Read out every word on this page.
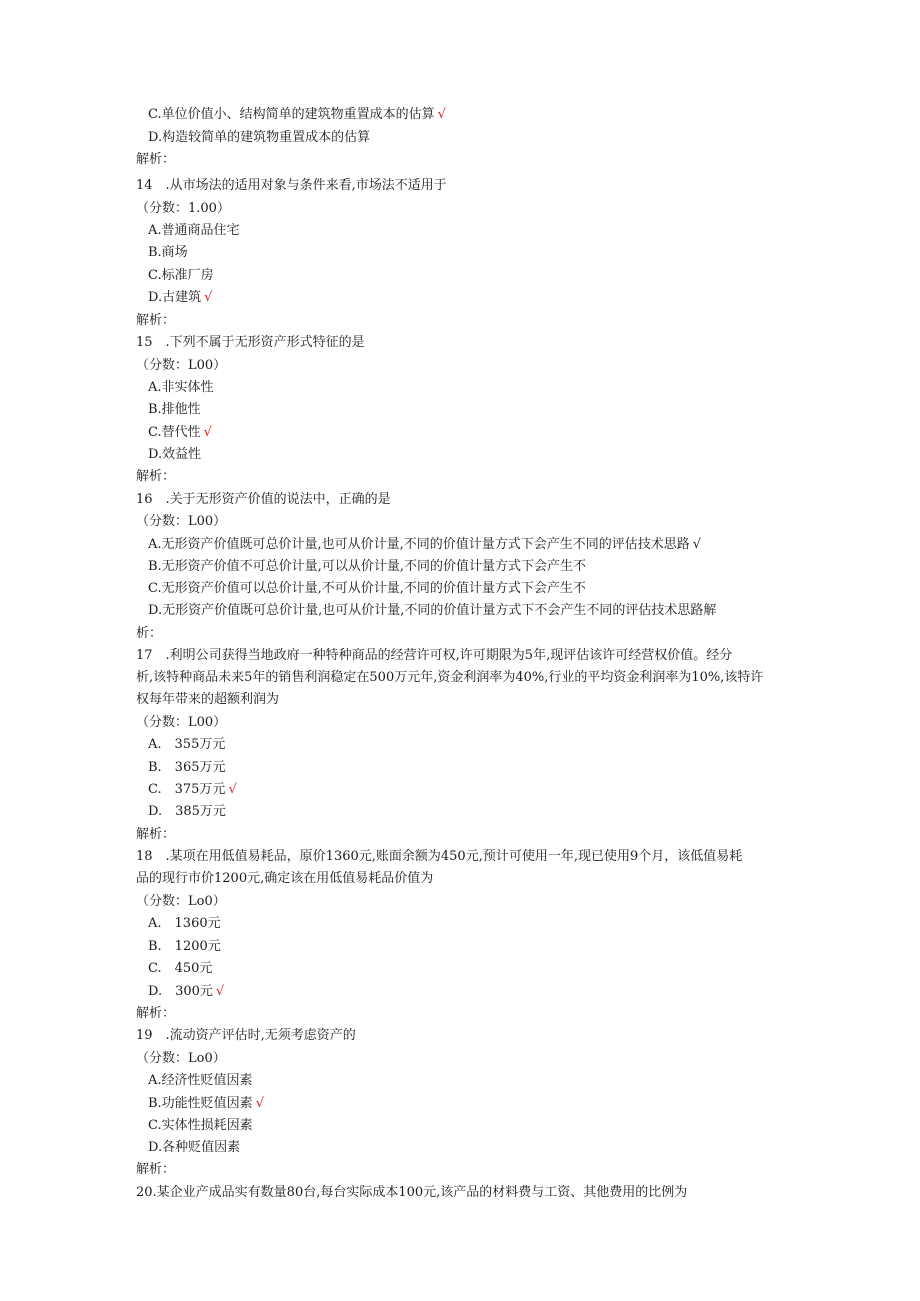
C.单位价值小、结构简单的建筑物重置成本的估算 √
D.构造较简单的建筑物重置成本的估算
解析：
14　.从市场法的适用对象与条件来看,市场法不适用于
（分数：1.00）
A.普通商品住宅
B.商场
C.标准厂房
D.古建筑 √
解析：
15　.下列不属于无形资产形式特征的是
（分数：L00）
A.非实体性
B.排他性
C.替代性 √
D.效益性
解析：
16　.关于无形资产价值的说法中，正确的是
（分数：L00）
A.无形资产价值既可总价计量,也可从价计量,不同的价值计量方式下会产生不同的评估技术思路 √
B.无形资产价值不可总价计量,可以从价计量,不同的价值计量方式下会产生不
C.无形资产价值可以总价计量,不可从价计量,不同的价值计量方式下会产生不
D.无形资产价值既可总价计量,也可从价计量,不同的价值计量方式下不会产生不同的评估技术思路解
析：
17　.利明公司获得当地政府一种特种商品的经营许可权,许可期限为5年,现评估该许可经营权价值。经分
析,该特种商品未来5年的销售利润稳定在500万元年,资金利润率为40%,行业的平均资金利润率为10%,该特许
权每年带来的超额利润为
（分数：L00）
A.　355万元
B.　365万元
C.　375万元 √
D.　385万元
解析：
18　.某项在用低值易耗品，原价1360元,账面余额为450元,预计可使用一年,现已使用9个月，该低值易耗
品的现行市价1200元,确定该在用低值易耗品价值为
（分数：Lo0）
A.　1360元
B.　1200元
C.　450元
D.　300元 √
解析：
19　.流动资产评估时,无须考虑资产的
（分数：Lo0）
A.经济性贬值因素
B.功能性贬值因素 √
C.实体性损耗因素
D.各种贬值因素
解析：
20.某企业产成品实有数量80台,每台实际成本100元,该产品的材料费与工资、其他费用的比例为
